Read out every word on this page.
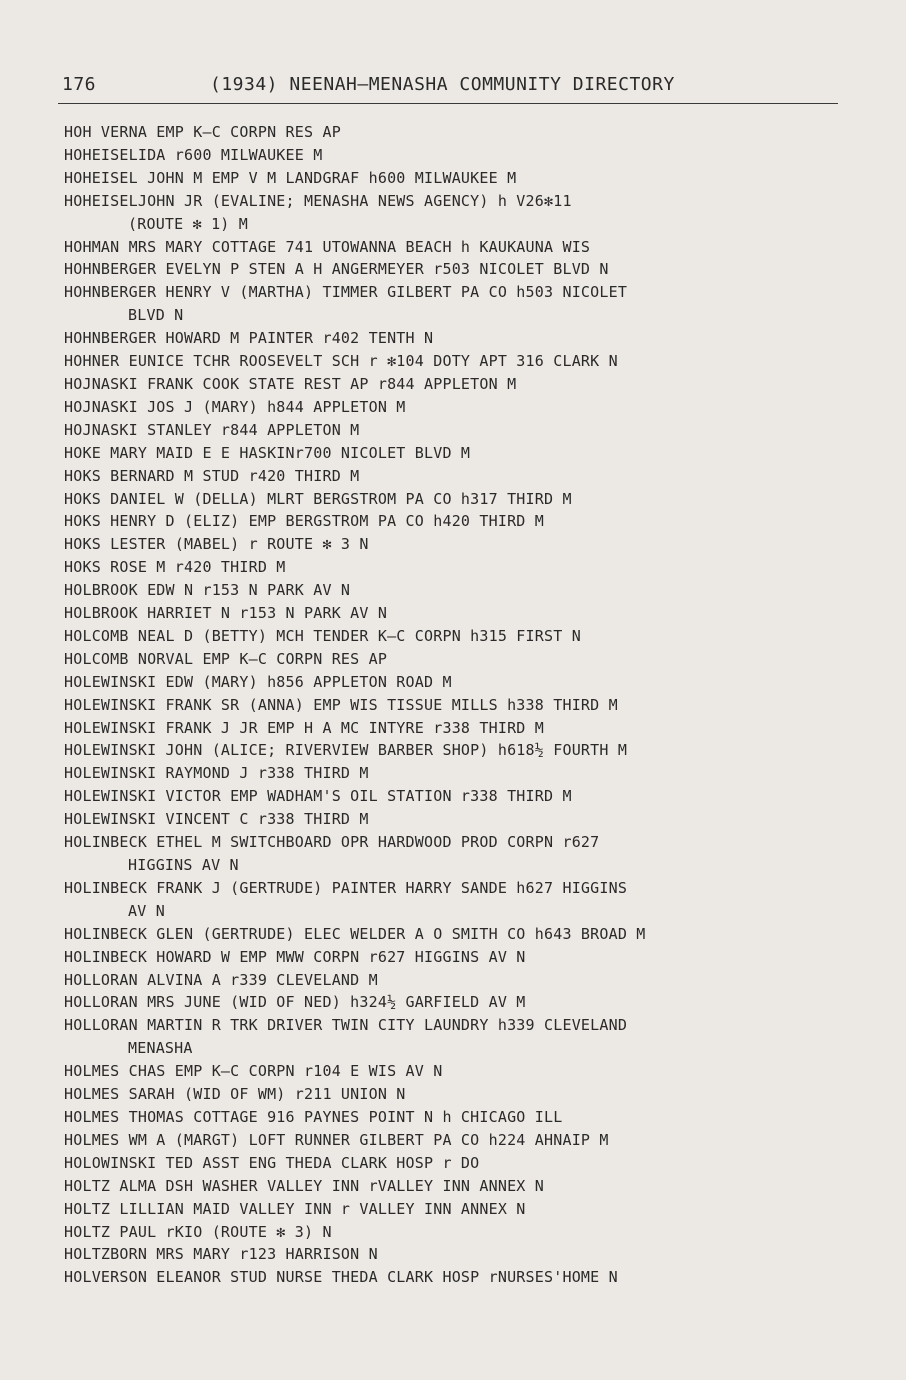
176

	(1934) NEENAH–MENASHA COMMUNITY DIRECTORY

HOH VERNA EMP K–C CORPN RES AP
HOHEISELIDA r600 MILWAUKEE M
HOHEISEL JOHN M EMP V M LANDGRAF h600 MILWAUKEE M
HOHEISELJOHN JR (EVALINE; MENASHA NEWS AGENCY) h V26✻11
(ROUTE ✻ 1) M
HOHMAN MRS MARY COTTAGE 741 UTOWANNA BEACH h KAUKAUNA WIS
HOHNBERGER EVELYN P STEN A H ANGERMEYER r503 NICOLET BLVD N
HOHNBERGER HENRY V (MARTHA) TIMMER GILBERT PA CO h503 NICOLET
BLVD N
HOHNBERGER HOWARD M PAINTER r402 TENTH N
HOHNER EUNICE TCHR ROOSEVELT SCH r ✻104 DOTY APT 316 CLARK N
HOJNASKI FRANK COOK STATE REST AP r844 APPLETON M
HOJNASKI JOS J (MARY) h844 APPLETON M
HOJNASKI STANLEY r844 APPLETON M
HOKE MARY MAID E E HASKINr700 NICOLET BLVD M
HOKS BERNARD M STUD r420 THIRD M
HOKS DANIEL W (DELLA) MLRT BERGSTROM PA CO h317 THIRD M
HOKS HENRY D (ELIZ) EMP BERGSTROM PA CO h420 THIRD M
HOKS LESTER (MABEL) r ROUTE ✻ 3 N
HOKS ROSE M r420 THIRD M
HOLBROOK EDW N r153 N PARK AV N
HOLBROOK HARRIET N r153 N PARK AV N
HOLCOMB NEAL D (BETTY) MCH TENDER K–C CORPN h315 FIRST N
HOLCOMB NORVAL EMP K–C CORPN RES AP
HOLEWINSKI EDW (MARY) h856 APPLETON ROAD M
HOLEWINSKI FRANK SR (ANNA) EMP WIS TISSUE MILLS h338 THIRD M
HOLEWINSKI FRANK J JR EMP H A MC INTYRE r338 THIRD M
HOLEWINSKI JOHN (ALICE; RIVERVIEW BARBER SHOP) h618½ FOURTH M
HOLEWINSKI RAYMOND J r338 THIRD M
HOLEWINSKI VICTOR EMP WADHAM'S OIL STATION r338 THIRD M
HOLEWINSKI VINCENT C r338 THIRD M
HOLINBECK ETHEL M SWITCHBOARD OPR HARDWOOD PROD CORPN r627
HIGGINS AV N
HOLINBECK FRANK J (GERTRUDE) PAINTER HARRY SANDE h627 HIGGINS
AV N
HOLINBECK GLEN (GERTRUDE) ELEC WELDER A O SMITH CO h643 BROAD M
HOLINBECK HOWARD W EMP MWW CORPN r627 HIGGINS AV N
HOLLORAN ALVINA A r339 CLEVELAND M
HOLLORAN MRS JUNE (WID OF NED) h324½ GARFIELD AV M
HOLLORAN MARTIN R TRK DRIVER TWIN CITY LAUNDRY h339 CLEVELAND
MENASHA
HOLMES CHAS EMP K–C CORPN r104 E WIS AV N
HOLMES SARAH (WID OF WM) r211 UNION N
HOLMES THOMAS COTTAGE 916 PAYNES POINT N h CHICAGO ILL
HOLMES WM A (MARGT) LOFT RUNNER GILBERT PA CO h224 AHNAIP M
HOLOWINSKI TED ASST ENG THEDA CLARK HOSP r DO
HOLTZ ALMA DSH WASHER VALLEY INN rVALLEY INN ANNEX N
HOLTZ LILLIAN MAID VALLEY INN r VALLEY INN ANNEX N
HOLTZ PAUL rKIO (ROUTE ✻ 3) N
HOLTZBORN MRS MARY r123 HARRISON N
HOLVERSON ELEANOR STUD NURSE THEDA CLARK HOSP rNURSES'HOME N
